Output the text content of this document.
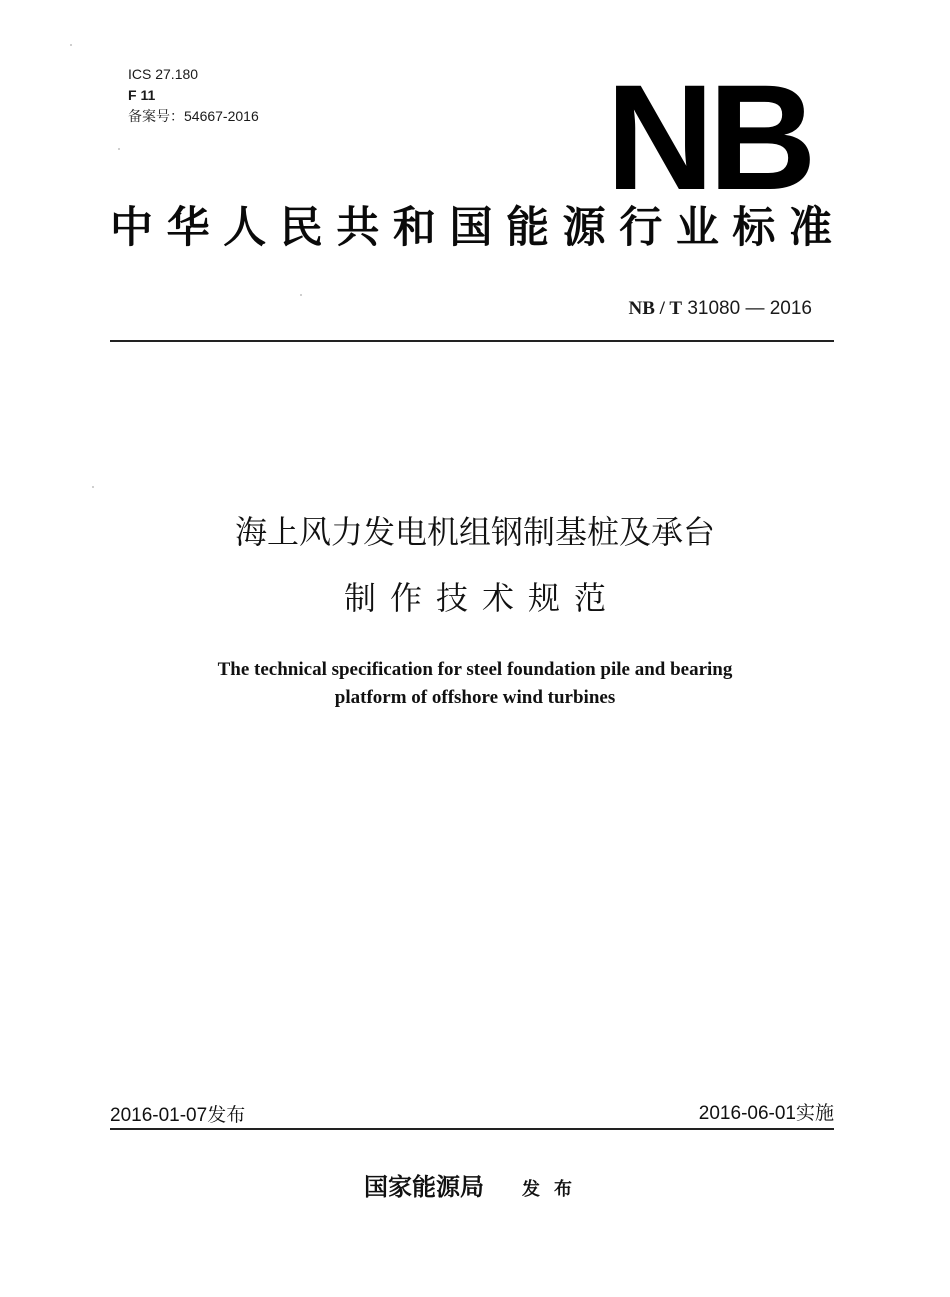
ICS 27.180
F 11
备案号：54667-2016 NB
中华人民共和国能源行业标准
NB / T 31080 — 2016
海上风力发电机组钢制基桩及承台
制作技术规范
The technical specification for steel foundation pile and bearing
platform of offshore wind turbines
2016-01-07发布	2016-06-01实施
国家能源局 发布
